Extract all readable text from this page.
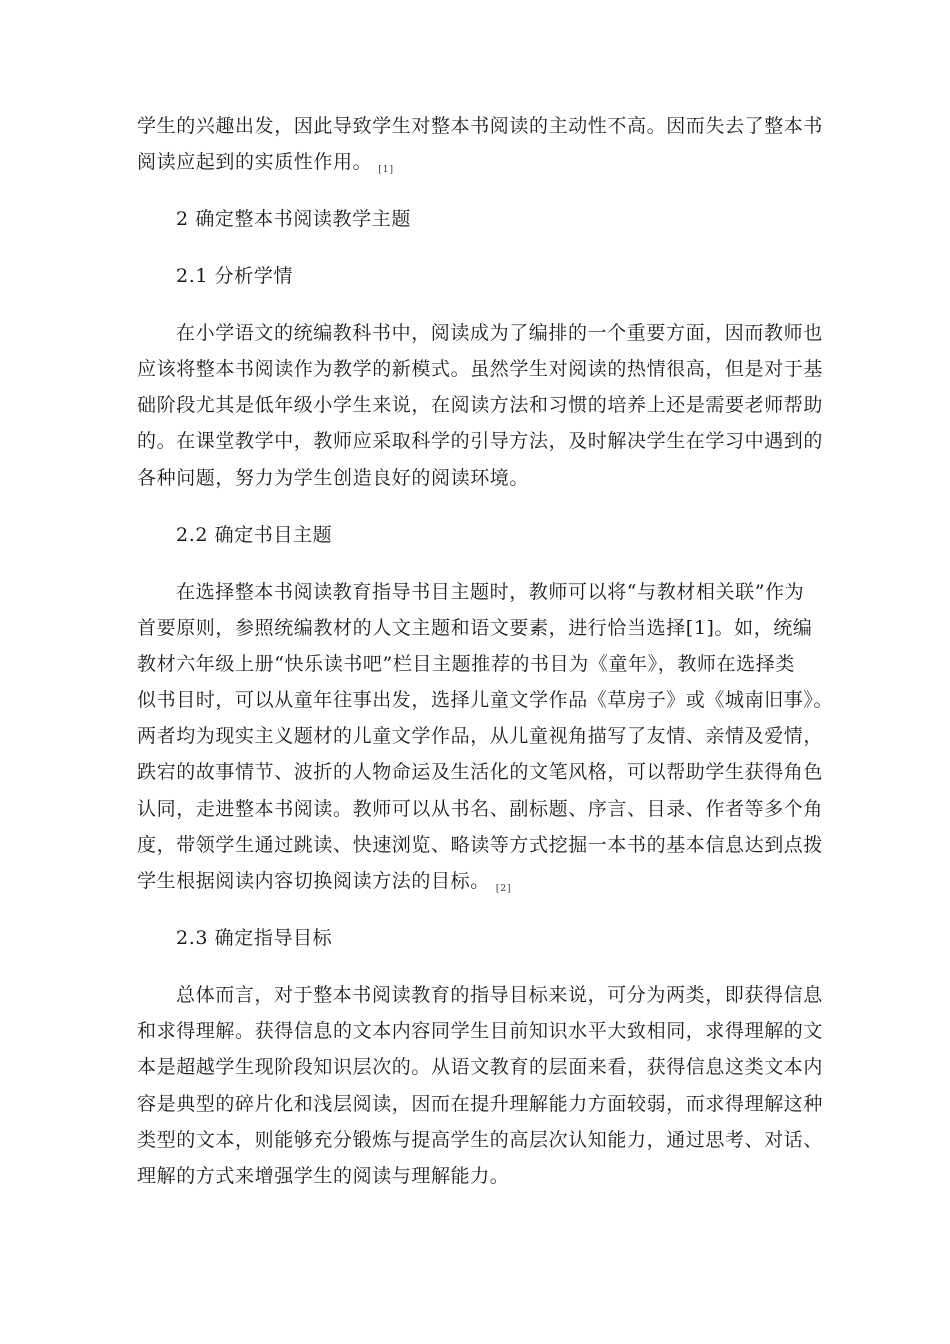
学生的兴趣出发，因此导致学生对整本书阅读的主动性不高。因而失去了整本书
阅读应起到的实质性作用。 $_{[1]}$
2 确定整本书阅读教学主题
2.1 分析学情
在小学语文的统编教科书中，阅读成为了编排的一个重要方面，因而教师也
应该将整本书阅读作为教学的新模式。虽然学生对阅读的热情很高，但是对于基
础阶段尤其是低年级小学生来说，在阅读方法和习惯的培养上还是需要老师帮助
的。在课堂教学中，教师应采取科学的引导方法，及时解决学生在学习中遇到的
各种问题，努力为学生创造良好的阅读环境。
2.2 确定书目主题
在选择整本书阅读教育指导书目主题时，教师可以将“与教材相关联”作为
首要原则，参照统编教材的人文主题和语文要素，进行恰当选择[1]。如，统编
教材六年级上册“快乐读书吧”栏目主题推荐的书目为《童年》，教师在选择类
似书目时，可以从童年往事出发，选择儿童文学作品《草房子》或《城南旧事》。
两者均为现实主义题材的儿童文学作品，从儿童视角描写了友情、亲情及爱情，
跌宕的故事情节、波折的人物命运及生活化的文笔风格，可以帮助学生获得角色
认同，走进整本书阅读。教师可以从书名、副标题、序言、目录、作者等多个角
度，带领学生通过跳读、快速浏览、略读等方式挖掘一本书的基本信息达到点拨
学生根据阅读内容切换阅读方法的目标。 $_{[2]}$
2.3 确定指导目标
总体而言，对于整本书阅读教育的指导目标来说，可分为两类，即获得信息
和求得理解。获得信息的文本内容同学生目前知识水平大致相同，求得理解的文
本是超越学生现阶段知识层次的。从语文教育的层面来看，获得信息这类文本内
容是典型的碎片化和浅层阅读，因而在提升理解能力方面较弱，而求得理解这种
类型的文本，则能够充分锻炼与提高学生的高层次认知能力，通过思考、对话、
理解的方式来增强学生的阅读与理解能力。
